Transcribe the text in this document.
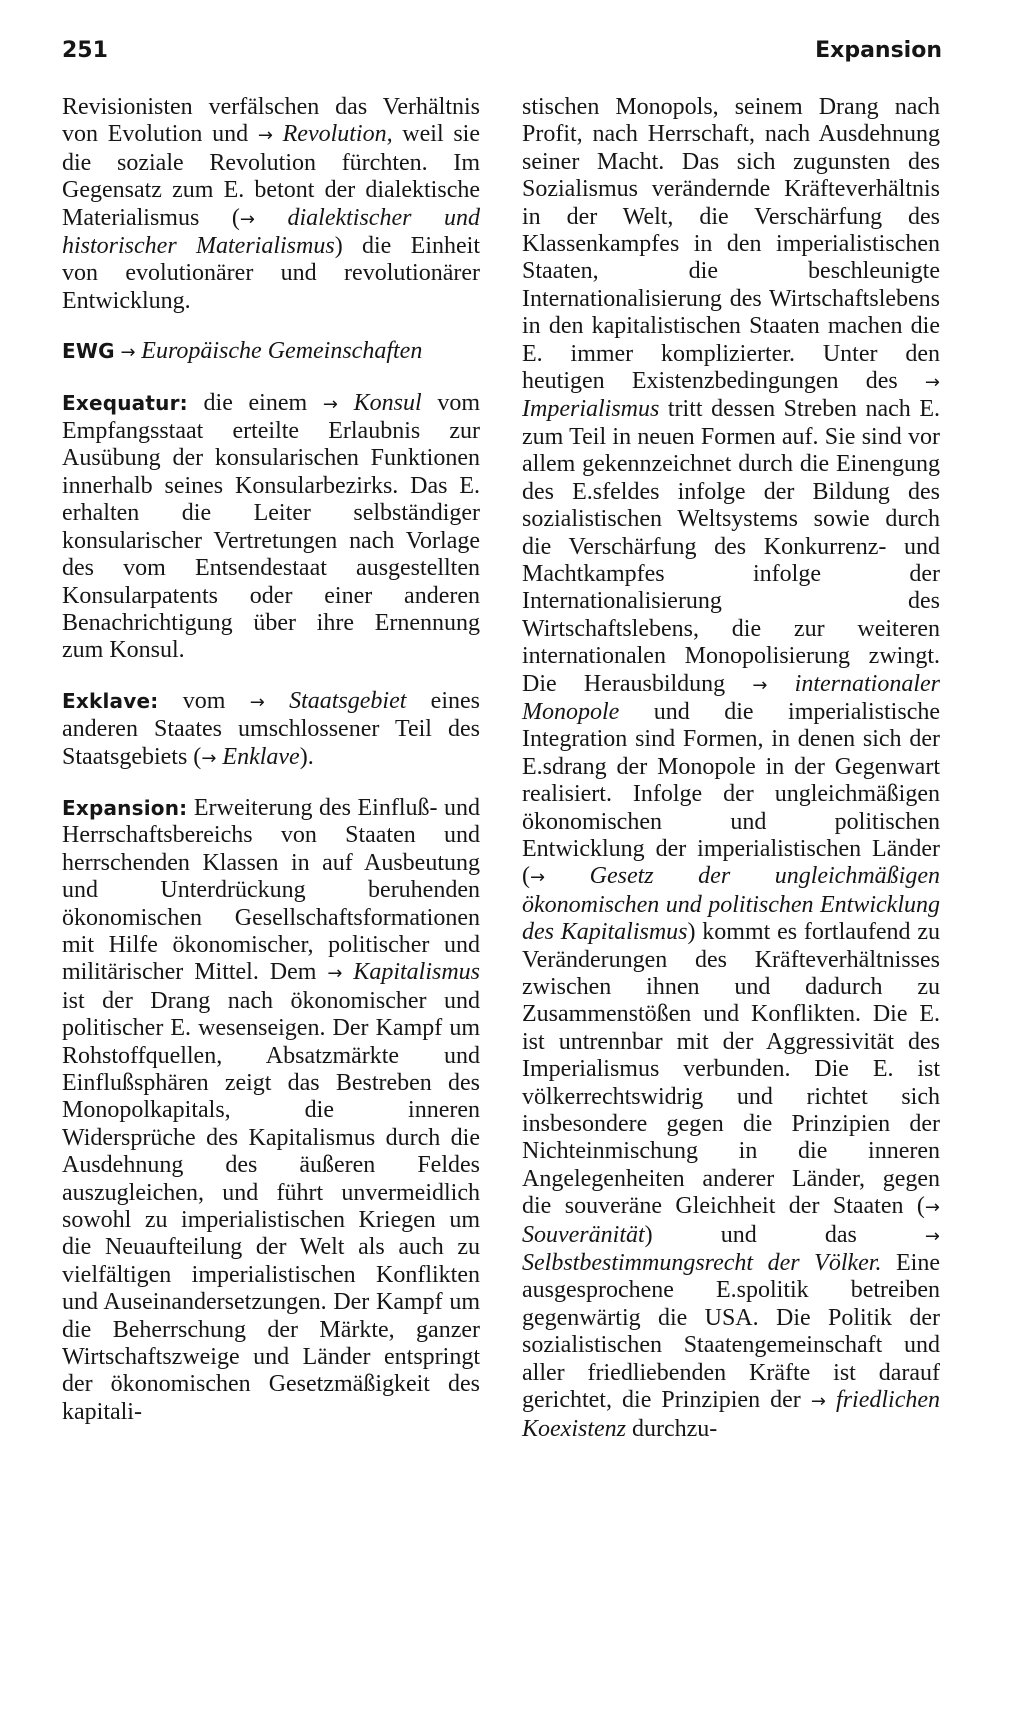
251	Expansion

Revisionisten verfälschen das Verhältnis von Evolution und → Revolution, weil sie die soziale Revolution fürchten. Im Gegensatz zum E. betont der dialektische Materialismus (→ dialektischer und historischer Materialismus) die Einheit von evolutionärer und revolutionärer Entwicklung.

EWG → Europäische Gemeinschaften

Exequatur: die einem → Konsul vom Empfangsstaat erteilte Erlaubnis zur Ausübung der konsularischen Funktionen innerhalb seines Konsularbezirks. Das E. erhalten die Leiter selbständiger konsularischer Vertretungen nach Vorlage des vom Entsendestaat ausgestellten Konsularpatents oder einer anderen Benachrichtigung über ihre Ernennung zum Konsul.

Exklave: vom → Staatsgebiet eines anderen Staates umschlossener Teil des Staatsgebiets (→ Enklave).

Expansion: Erweiterung des Einfluß- und Herrschaftsbereichs von Staaten und herrschenden Klassen in auf Ausbeutung und Unterdrückung beruhenden ökonomischen Gesellschaftsformationen mit Hilfe ökonomischer, politischer und militärischer Mittel. Dem → Kapitalismus ist der Drang nach ökonomischer und politischer E. wesenseigen. Der Kampf um Rohstoffquellen, Absatzmärkte und Einflußsphären zeigt das Bestreben des Monopolkapitals, die inneren Widersprüche des Kapitalismus durch die Ausdehnung des äußeren Feldes auszugleichen, und führt unvermeidlich sowohl zu imperialistischen Kriegen um die Neuaufteilung der Welt als auch zu vielfältigen imperialistischen Konflikten und Auseinandersetzungen. Der Kampf um die Beherrschung der Märkte, ganzer Wirtschaftszweige und Länder entspringt der ökonomischen Gesetzmäßigkeit des kapitali-

stischen Monopols, seinem Drang nach Profit, nach Herrschaft, nach Ausdehnung seiner Macht. Das sich zugunsten des Sozialismus verändernde Kräfteverhältnis in der Welt, die Verschärfung des Klassenkampfes in den imperialistischen Staaten, die beschleunigte Internationalisierung des Wirtschaftslebens in den kapitalistischen Staaten machen die E. immer komplizierter. Unter den heutigen Existenzbedingungen des → Imperialismus tritt dessen Streben nach E. zum Teil in neuen Formen auf. Sie sind vor allem gekennzeichnet durch die Einengung des E.sfeldes infolge der Bildung des sozialistischen Weltsystems sowie durch die Verschärfung des Konkurrenz- und Machtkampfes infolge der Internationalisierung des Wirtschaftslebens, die zur weiteren internationalen Monopolisierung zwingt. Die Herausbildung → internationaler Monopole und die imperialistische Integration sind Formen, in denen sich der E.sdrang der Monopole in der Gegenwart realisiert. Infolge der ungleichmäßigen ökonomischen und politischen Entwicklung der imperialistischen Länder (→ Gesetz der ungleichmäßigen ökonomischen und politischen Entwicklung des Kapitalismus) kommt es fortlaufend zu Veränderungen des Kräfteverhältnisses zwischen ihnen und dadurch zu Zusammenstößen und Konflikten. Die E. ist untrennbar mit der Aggressivität des Imperialismus verbunden. Die E. ist völkerrechtswidrig und richtet sich insbesondere gegen die Prinzipien der Nichteinmischung in die inneren Angelegenheiten anderer Länder, gegen die souveräne Gleichheit der Staaten (→ Souveränität) und das → Selbstbestimmungsrecht der Völker. Eine ausgesprochene E.spolitik betreiben gegenwärtig die USA. Die Politik der sozialistischen Staatengemeinschaft und aller friedliebenden Kräfte ist darauf gerichtet, die Prinzipien der → friedlichen Koexistenz durchzu-
